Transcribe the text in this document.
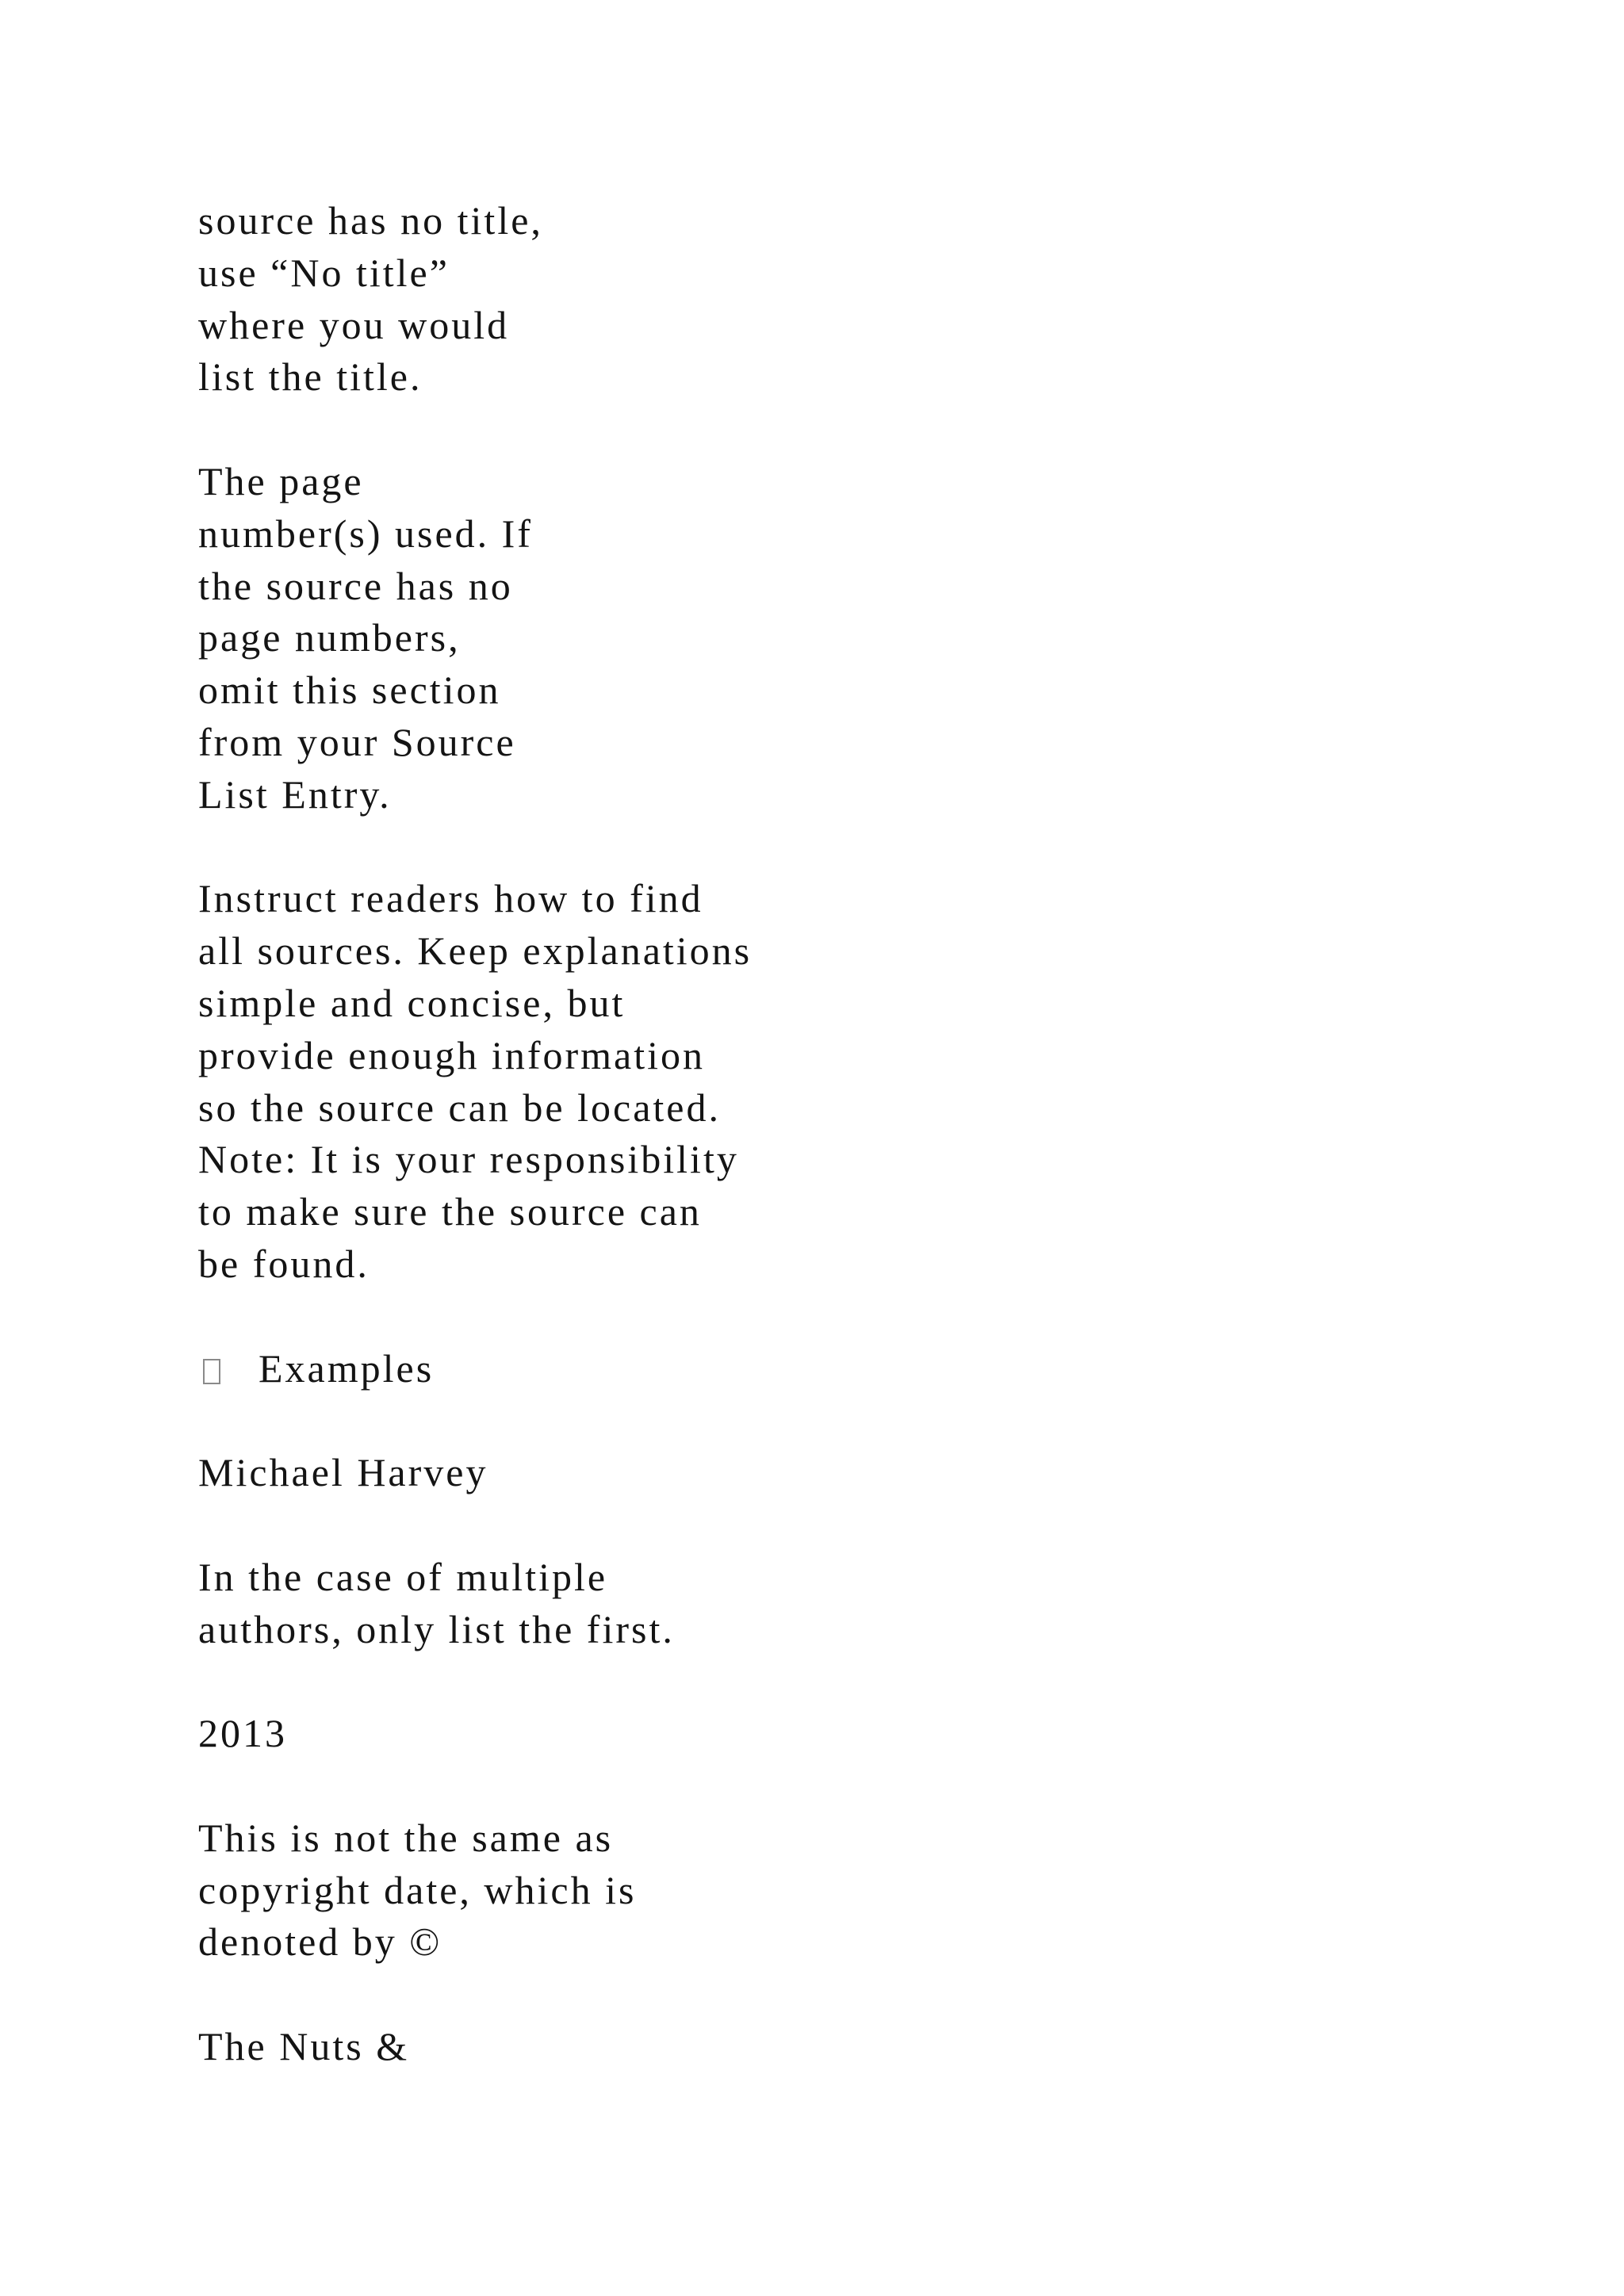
source has no title,
use “No title”
where you would
list the title.
The page
number(s) used. If
the source has no
page numbers,
omit this section
from your Source
List Entry.
Instruct readers how to find
all sources. Keep explanations
simple and concise, but
provide enough information
so the source can be located.
Note: It is your responsibility
to make sure the source can
be found.
Examples
Michael Harvey
In the case of multiple
authors, only list the first.
2013
This is not the same as
copyright date, which is
denoted by ©
The Nuts &
